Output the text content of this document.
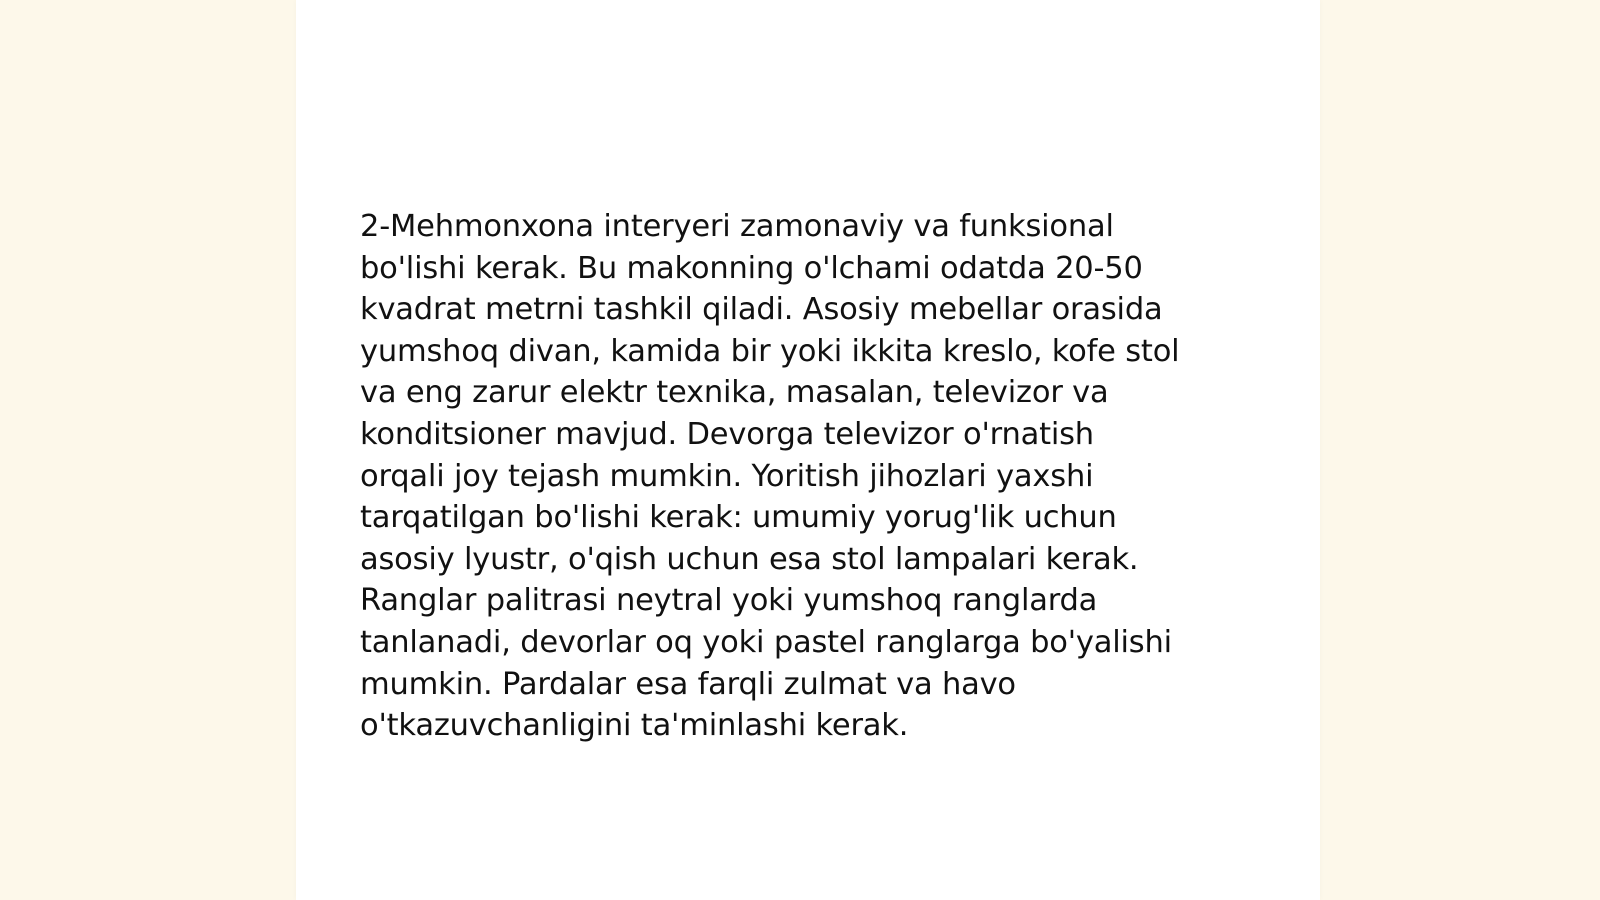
2-Mehmonxona interyeri zamonaviy va funksional
bo'lishi kerak. Bu makonning o'lchami odatda 20-50
kvadrat metrni tashkil qiladi. Asosiy mebellar orasida
yumshoq divan, kamida bir yoki ikkita kreslo, kofe stol
va eng zarur elektr texnika, masalan, televizor va
konditsioner mavjud. Devorga televizor o'rnatish
orqali joy tejash mumkin. Yoritish jihozlari yaxshi
tarqatilgan bo'lishi kerak: umumiy yorug'lik uchun
asosiy lyustr, o'qish uchun esa stol lampalari kerak.
Ranglar palitrasi neytral yoki yumshoq ranglarda
tanlanadi, devorlar oq yoki pastel ranglarga bo'yalishi
mumkin. Pardalar esa farqli zulmat va havo
o'tkazuvchanligini ta'minlashi kerak.
